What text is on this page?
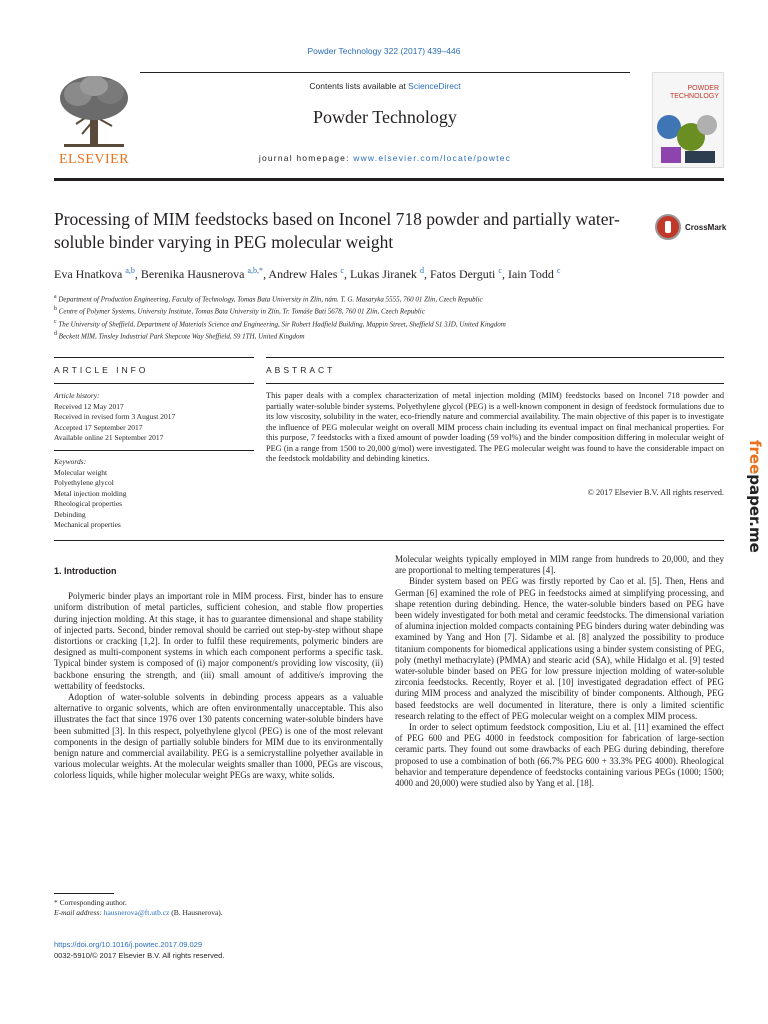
Powder Technology 322 (2017) 439–446
ELSEVIER
Contents lists available at ScienceDirect
Powder Technology
journal homepage: www.elsevier.com/locate/powtec
POWDER
TECHNOLOGY
Processing of MIM feedstocks based on Inconel 718 powder and partially water-soluble binder varying in PEG molecular weight
CrossMark
Eva Hnatkova $^{a,b}$, Berenika Hausnerova $^{a,b,*}$, Andrew Hales $^c$, Lukas Jiranek $^d$, Fatos Derguti $^c$, Iain Todd $^c$
$^a$ Department of Production Engineering, Faculty of Technology, Tomas Bata University in Zlín, nám. T. G. Masaryka 5555, 760 01 Zlín, Czech Republic
$^b$ Centre of Polymer Systems, University Institute, Tomas Bata University in Zlín, Tr. Tomáše Bati 5678, 760 01 Zlín, Czech Republic
$^c$ The University of Sheffield, Department of Materials Science and Engineering, Sir Robert Hadfield Building, Mappin Street, Sheffield S1 3JD, United Kingdom
$^d$ Beckett MIM, Tinsley Industrial Park Shepcote Way Sheffield, S9 1TH, United Kingdom
ARTICLE INFO	ABSTRACT
Article history:
Received 12 May 2017
Received in revised form 3 August 2017
Accepted 17 September 2017
Available online 21 September 2017
Keywords:
Molecular weight
Polyethylene glycol
Metal injection molding
Rheological properties
Debinding
Mechanical properties
This paper deals with a complex characterization of metal injection molding (MIM) feedstocks based on Inconel 718 powder and partially water-soluble binder systems. Polyethylene glycol (PEG) is a well-known component in design of feedstock formulations due to its low viscosity, solubility in the water, eco-friendly nature and commercial availability. The main objective of this paper is to investigate the influence of PEG molecular weight on overall MIM process chain including its eventual impact on final mechanical properties. For this purpose, 7 feedstocks with a fixed amount of powder loading (59 vol%) and the binder composition differing in molecular weight of PEG (in a range from 1500 to 20,000 g/mol) were investigated. The PEG molecular weight was found to have the considerable impact on the feedstock moldability and debinding kinetics.
© 2017 Elsevier B.V. All rights reserved.
1. Introduction

Polymeric binder plays an important role in MIM process. First, binder has to ensure uniform distribution of metal particles, sufficient cohesion, and stable flow properties during injection molding. At this stage, it has to guarantee dimensional and shape stability of injected parts. Second, binder removal should be carried out step-by-step without shape distortions or cracking [1,2]. In order to fulfil these requirements, polymeric binders are designed as multi-component systems in which each component performs a specific task. Typical binder system is composed of (i) major component/s providing low viscosity, (ii) backbone ensuring the strength, and (iii) small amount of additive/s improving the wettability of feedstocks.

Adoption of water-soluble solvents in debinding process appears as a valuable alternative to organic solvents, which are often environmentally unacceptable. This also illustrates the fact that since 1976 over 130 patents concerning water-soluble binders have been submitted [3]. In this respect, polyethylene glycol (PEG) is one of the most relevant components in the design of partially soluble binders for MIM due to its environmentally benign nature and commercial availability. PEG is a semicrystalline polyether available in various molecular weights. At the molecular weights smaller than 1000, PEGs are viscous, colorless liquids, while higher molecular weight PEGs are waxy, white solids.

Molecular weights typically employed in MIM range from hundreds to 20,000, and they are proportional to melting temperatures [4].

Binder system based on PEG was firstly reported by Cao et al. [5]. Then, Hens and German [6] examined the role of PEG in feedstocks aimed at simplifying processing, and shape retention during debinding. Hence, the water-soluble binders based on PEG have been widely investigated for both metal and ceramic feedstocks. The dimensional variation of alumina injection molded compacts containing PEG binders during water debinding was examined by Yang and Hon [7]. Sidambe et al. [8] analyzed the possibility to produce titanium components for biomedical applications using a binder system consisting of PEG, poly (methyl methacrylate) (PMMA) and stearic acid (SA), while Hidalgo et al. [9] tested water-soluble binder based on PEG for low pressure injection molding of water-soluble zirconia feedstocks. Recently, Royer et al. [10] investigated degradation effect of PEG during MIM process and analyzed the miscibility of binder components. Although, PEG based feedstocks are well documented in literature, there is only a limited scientific research relating to the effect of PEG molecular weight on a complex MIM process.

In order to select optimum feedstock composition, Liu et al. [11] examined the effect of PEG 600 and PEG 4000 in feedstock composition for fabrication of large-section ceramic parts. They found out some drawbacks of each PEG during debinding, therefore proposed to use a combination of both (66.7% PEG 600 + 33.3% PEG 4000). Rheological behavior and temperature dependence of feedstocks containing various PEGs (1000; 1500; 4000 and 20,000) were studied also by Yang et al. [18].

* Corresponding author.
E-mail address: hausnerova@ft.utb.cz (B. Hausnerova).
https://doi.org/10.1016/j.powtec.2017.09.029
0032-5910/© 2017 Elsevier B.V. All rights reserved.
freepaper.me
